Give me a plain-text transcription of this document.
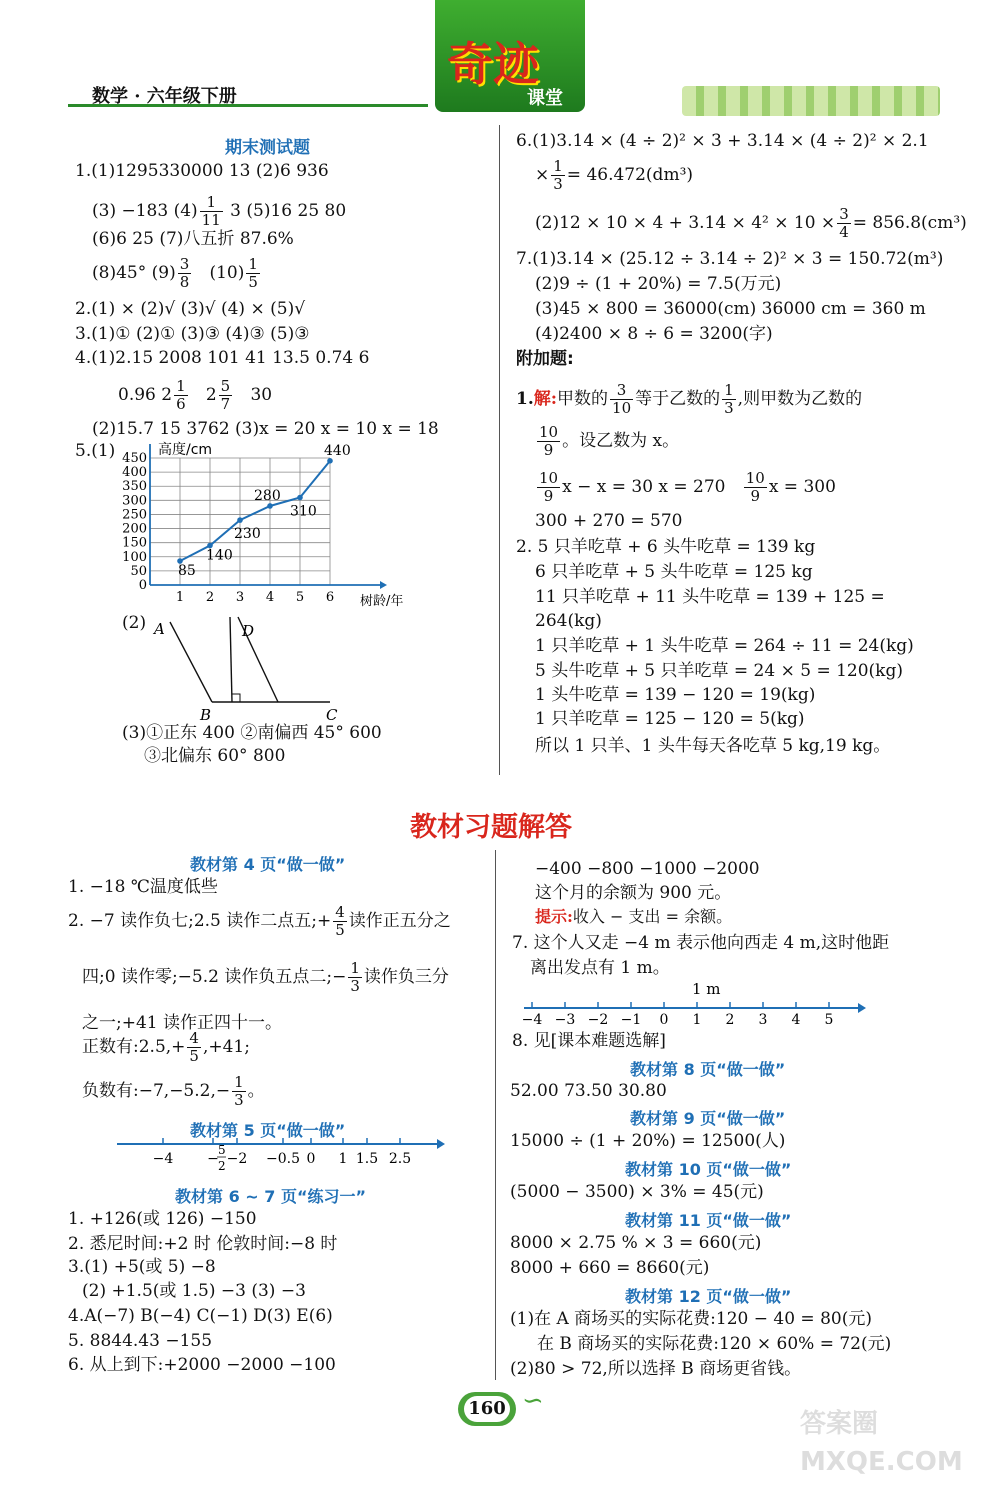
数学 · 六年级下册
奇迹
课堂
期末测试题
1.(1)1295330000 13 (2)6 936
(3) −183 $(4) \frac{1}{11} 3$ (5)16 25 80
(6)6 25 (7)八五折 87.6%
(8)45° $(9) \frac{3}{8} (10) \frac{1}{5}$
2.(1) × (2)√ (3)√ (4) × (5)√
3.(1)① (2)① (3)③ (4)③ (5)③
4.(1)2.15 2008 101 41 13.5 0.74 6
0.96 $2 \frac{1}{6} 2 \frac{5}{7} 30$
(2)15.7 15 3762 (3)x = 20 x = 10 x = 18
5.(1)	高度/cm
树龄/年
0
50
100
150
200
250
300
350
400
450
1 2 3 4 5 6
85
140
230
280
310
440
(2) A
B	C
D
(3)①正东 400 ②南偏西 45° 600
③北偏东 60° 800
6.(1)3.14 × (4 ÷ 2)² × 3 + 3.14 × (4 ÷ 2)² × 2.1
× $\frac{1}{3} = 46.472(dm^3)$
$(2)12 \times 10 \times 4 + 3.14 \times 4^2 \times 10 \times \frac{3}{4} = 856.8(cm^3)$
7.(1)3.14 × (25.12 ÷ 3.14 ÷ 2)² × 3 = 150.72(m³)
(2)9 ÷ (1 + 20%) = 7.5(万元)
(3)45 × 800 = 36000(cm) 36000 cm = 360 m
(4)2400 × 8 ÷ 6 = 3200(字)
附加题:
1.解:甲数的 $\frac{3}{10}$ 等于乙数的 $\frac{1}{3}$ ,则甲数为乙数的
$\frac{10}{9}$ 。设乙数为 x。
$\frac{10}{9}$ x − x = 30 $x = 270 \frac{10}{9}$ x = 300
300 + 270 = 570
2. 5 只羊吃草 + 6 头牛吃草 = 139 kg
6 只羊吃草 + 5 头牛吃草 = 125 kg
11 只羊吃草 + 11 头牛吃草 = 139 + 125 =
264(kg)
1 只羊吃草 + 1 头牛吃草 = 264 ÷ 11 = 24(kg)
5 头牛吃草 + 5 只羊吃草 = 24 × 5 = 120(kg)
1 头牛吃草 = 139 − 120 = 19(kg)
1 只羊吃草 = 125 − 120 = 5(kg)
所以 1 只羊、1 头牛每天各吃草 5 kg,19 kg。
教材习题解答
教材第 4 页“做一做”
1. −18 ℃温度低些
2. −7 读作负七;2.5 读作二点五;+ $\frac{4}{5}$ 读作正五分之
四;0 读作零;−5.2 读作负五点二;− $\frac{1}{3}$ 读作负三分
之一;+41 读作正四十一。
正数有:2.5,+ $\frac{4}{5} ,+41$;
负数有:−7,−5.2,− $\frac{1}{3}$ 。
教材第 5 页“做一做”
−4 − −2 −0.5 0 1 1.5 2.5
5
2
教材第 6 ~ 7 页“练习一”
1. +126(或 126) −150
2. 悉尼时间:+2 时 伦敦时间:−8 时
3.(1) +5(或 5) −8
(2) +1.5(或 1.5) −3 (3) −3
4.A(−7) B(−4) C(−1) D(3) E(6)
5. 8844.43 −155
6. 从上到下:+2000 −2000 −100
−400 −800 −1000 −2000
这个月的余额为 900 元。
提示:收入 − 支出 = 余额。
7. 这个人又走 −4 m 表示他向西走 4 m,这时他距
离出发点有 1 m。
1 m
−4 −3 −2 −1 0 1 2 3 4 5
8. 见[课本难题选解]
教材第 8 页“做一做”
52.00 73.50 30.80
教材第 9 页“做一做”
15000 ÷ (1 + 20%) = 12500(人)
教材第 10 页“做一做”
(5000 − 3500) × 3% = 45(元)
教材第 11 页“做一做”
8000 × 2.75 % × 3 = 660(元)
8000 + 660 = 8660(元)
教材第 12 页“做一做”
(1)在 A 商场买的实际花费:120 − 40 = 80(元)
在 B 商场买的实际花费:120 × 60% = 72(元)
(2)80 > 72,所以选择 B 商场更省钱。
160 ∽
答案圈 MXQE.COM
